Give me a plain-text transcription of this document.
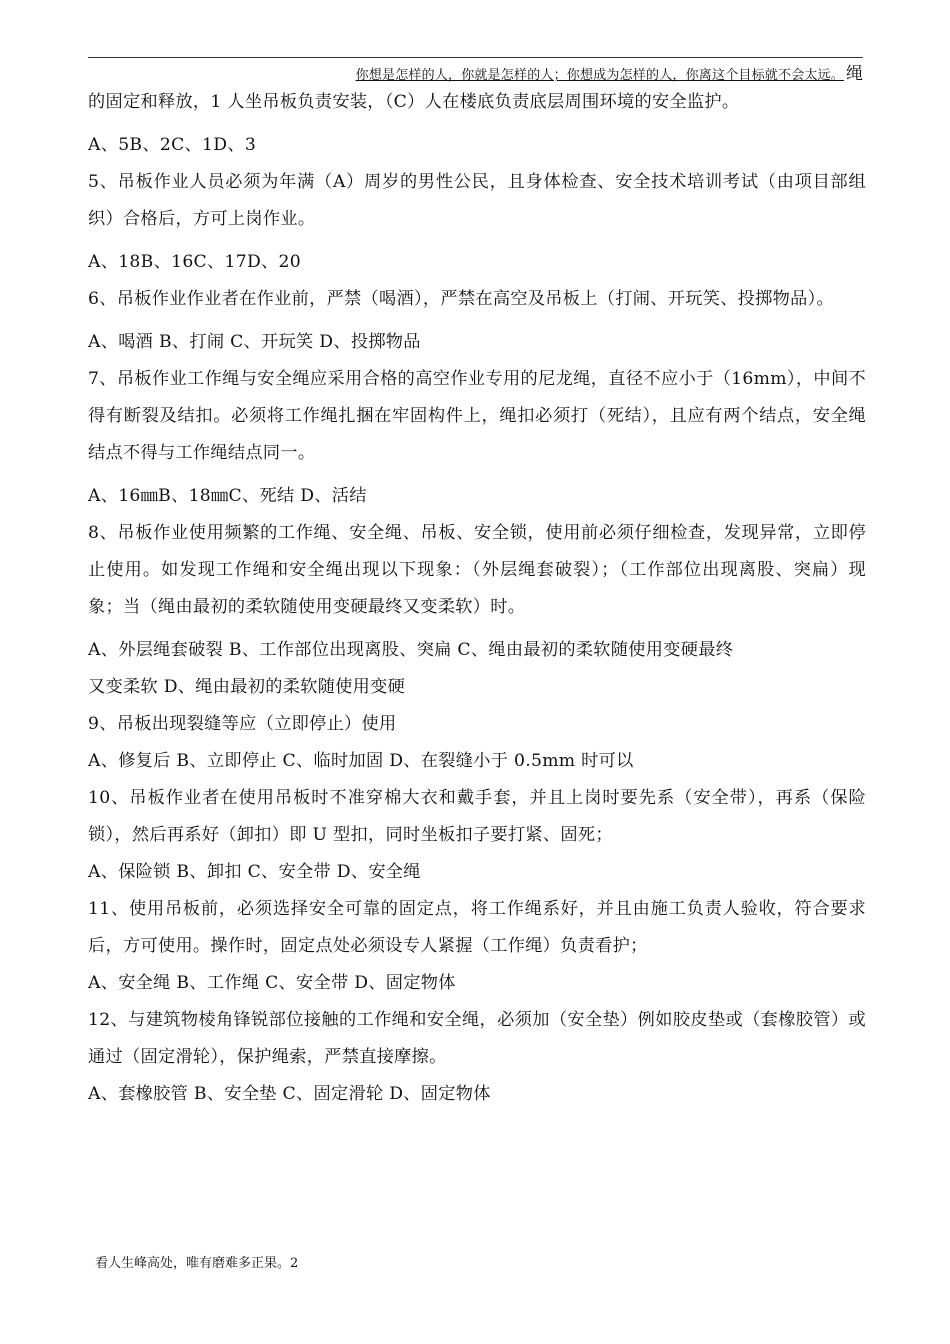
你想是怎样的人，你就是怎样的人；你想成为怎样的人，你离这个目标就不会太远。 绳
的固定和释放，1 人坐吊板负责安装，（C）人在楼底负责底层周围环境的安全监护。
A、5B、2C、1D、3
5、吊板作业人员必须为年满（A）周岁的男性公民，且身体检查、安全技术培训考试（由项目部组织）合格后，方可上岗作业。
A、18B、16C、17D、20
6、吊板作业作业者在作业前，严禁（喝酒），严禁在高空及吊板上（打闹、开玩笑、投掷物品）。
A、喝酒 B、打闹 C、开玩笑 D、投掷物品
7、吊板作业工作绳与安全绳应采用合格的高空作业专用的尼龙绳，直径不应小于（16mm），中间不得有断裂及结扣。必须将工作绳扎捆在牢固构件上，绳扣必须打（死结），且应有两个结点，安全绳结点不得与工作绳结点同一。
A、16㎜B、18㎜C、死结 D、活结
8、吊板作业使用频繁的工作绳、安全绳、吊板、安全锁，使用前必须仔细检查，发现异常，立即停止使用。如发现工作绳和安全绳出现以下现象：（外层绳套破裂）；（工作部位出现离股、突扁）现象；当（绳由最初的柔软随使用变硬最终又变柔软）时。
A、外层绳套破裂 B、工作部位出现离股、突扁 C、绳由最初的柔软随使用变硬最终
又变柔软 D、绳由最初的柔软随使用变硬
9、吊板出现裂缝等应（立即停止）使用
A、修复后 B、立即停止 C、临时加固 D、在裂缝小于 0.5mm 时可以
10、吊板作业者在使用吊板时不准穿棉大衣和戴手套，并且上岗时要先系（安全带），再系（保险锁），然后再系好（卸扣）即 U 型扣，同时坐板扣子要打紧、固死；
A、保险锁 B、卸扣 C、安全带 D、安全绳
11、使用吊板前，必须选择安全可靠的固定点，将工作绳系好，并且由施工负责人验收，符合要求后，方可使用。操作时，固定点处必须设专人紧握（工作绳）负责看护；
A、安全绳 B、工作绳 C、安全带 D、固定物体
12、与建筑物棱角锋锐部位接触的工作绳和安全绳，必须加（安全垫）例如胶皮垫或（套橡胶管）或通过（固定滑轮），保护绳索，严禁直接摩擦。
A、套橡胶管 B、安全垫 C、固定滑轮 D、固定物体
看人生峰高处，唯有磨难多正果。2
